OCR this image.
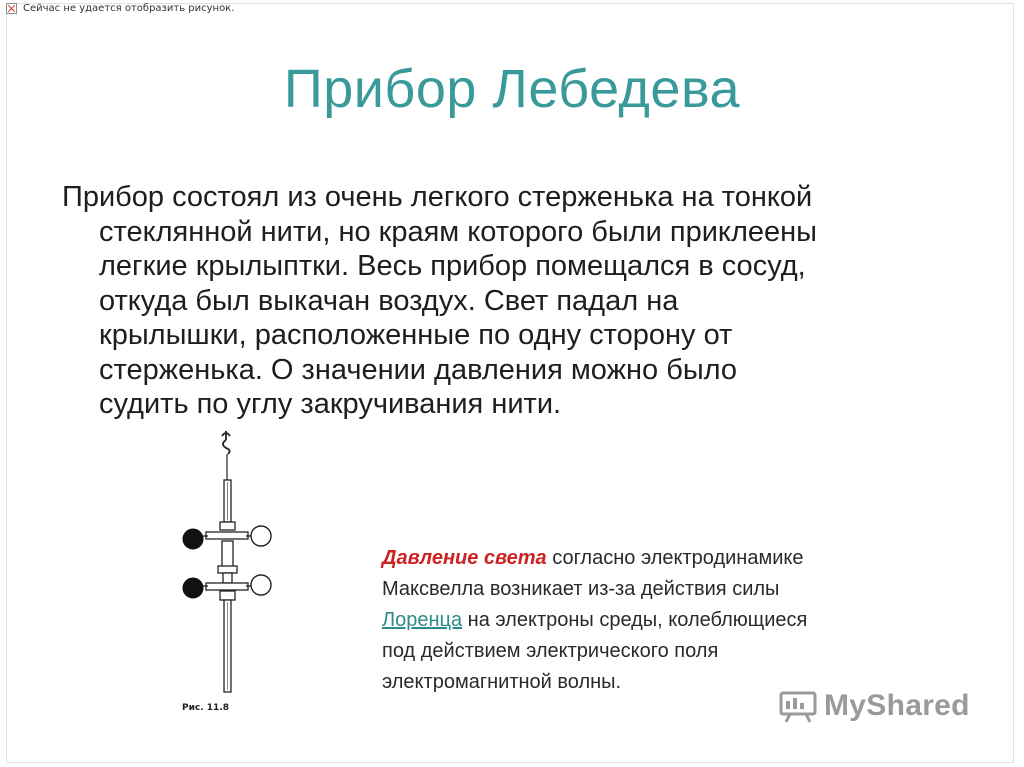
Сейчас не удается отобразить рисунок.
Прибор Лебедева
Прибор состоял из очень легкого стерженька на тонкой
стеклянной нити, но краям которого были приклеены
легкие крылыптки. Весь прибор помещался в сосуд,
откуда был выкачан воздух. Свет падал на
крылышки, расположенные по одну сторону от
стерженька. О значении давления можно было
судить по углу закручивания нити.
Рис. 11.8
Давление света согласно электродинамике
Максвелла возникает из-за действия силы
Лоренца на электроны среды, колеблющиеся
под действием электрического поля
электромагнитной волны.
MyShared
